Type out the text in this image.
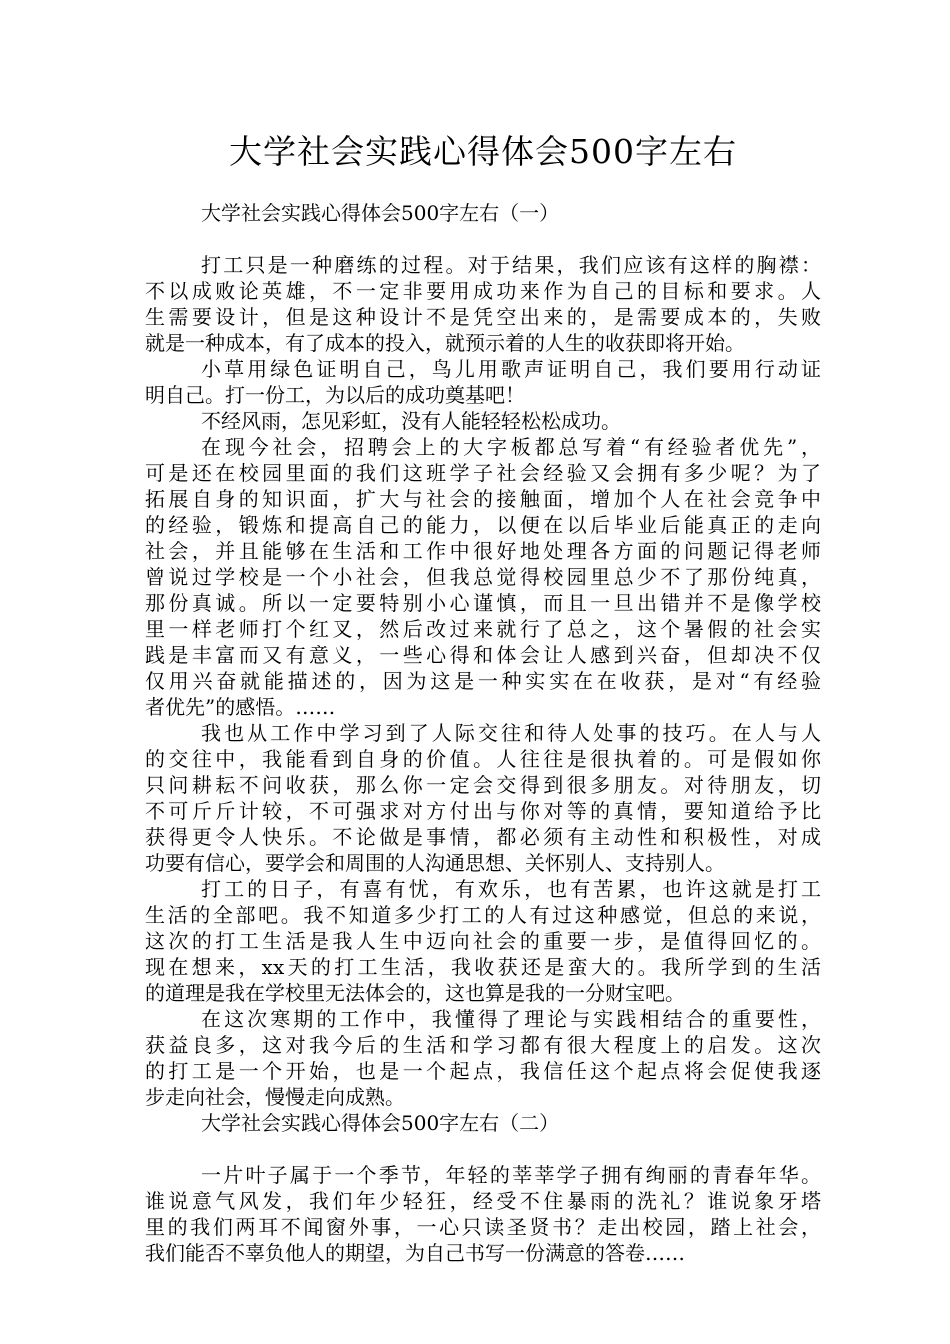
大学社会实践心得体会500字左右

大学社会实践心得体会500字左右（一）

打工只是一种磨练的过程。对于结果，我们应该有这样的胸襟：
不以成败论英雄，不一定非要用成功来作为自己的目标和要求。人
生需要设计，但是这种设计不是凭空出来的，是需要成本的，失败
就是一种成本，有了成本的投入，就预示着的人生的收获即将开始。

小草用绿色证明自己，鸟儿用歌声证明自己，我们要用行动证
明自己。打一份工，为以后的成功奠基吧！

不经风雨，怎见彩虹，没有人能轻轻松松成功。

在现今社会，招聘会上的大字板都总写着“有经验者优先”，
可是还在校园里面的我们这班学子社会经验又会拥有多少呢？为了
拓展自身的知识面，扩大与社会的接触面，增加个人在社会竞争中
的经验，锻炼和提高自己的能力，以便在以后毕业后能真正的走向
社会，并且能够在生活和工作中很好地处理各方面的问题记得老师
曾说过学校是一个小社会，但我总觉得校园里总少不了那份纯真，
那份真诚。所以一定要特别小心谨慎，而且一旦出错并不是像学校
里一样老师打个红叉，然后改过来就行了总之，这个暑假的社会实
践是丰富而又有意义，一些心得和体会让人感到兴奋，但却决不仅
仅用兴奋就能描述的，因为这是一种实实在在收获，是对“有经验
者优先”的感悟。……

我也从工作中学习到了人际交往和待人处事的技巧。在人与人
的交往中，我能看到自身的价值。人往往是很执着的。可是假如你
只问耕耘不问收获，那么你一定会交得到很多朋友。对待朋友，切
不可斤斤计较，不可强求对方付出与你对等的真情，要知道给予比
获得更令人快乐。不论做是事情，都必须有主动性和积极性，对成
功要有信心，要学会和周围的人沟通思想、关怀别人、支持别人。

打工的日子，有喜有忧，有欢乐，也有苦累，也许这就是打工
生活的全部吧。我不知道多少打工的人有过这种感觉，但总的来说，
这次的打工生活是我人生中迈向社会的重要一步，是值得回忆的。
现在想来，xx天的打工生活，我收获还是蛮大的。我所学到的生活
的道理是我在学校里无法体会的，这也算是我的一分财宝吧。

在这次寒期的工作中，我懂得了理论与实践相结合的重要性，
获益良多，这对我今后的生活和学习都有很大程度上的启发。这次
的打工是一个开始，也是一个起点，我信任这个起点将会促使我逐
步走向社会，慢慢走向成熟。

大学社会实践心得体会500字左右（二）

一片叶子属于一个季节，年轻的莘莘学子拥有绚丽的青春年华。
谁说意气风发，我们年少轻狂，经受不住暴雨的洗礼？谁说象牙塔
里的我们两耳不闻窗外事，一心只读圣贤书？走出校园，踏上社会，
我们能否不辜负他人的期望，为自己书写一份满意的答卷……
